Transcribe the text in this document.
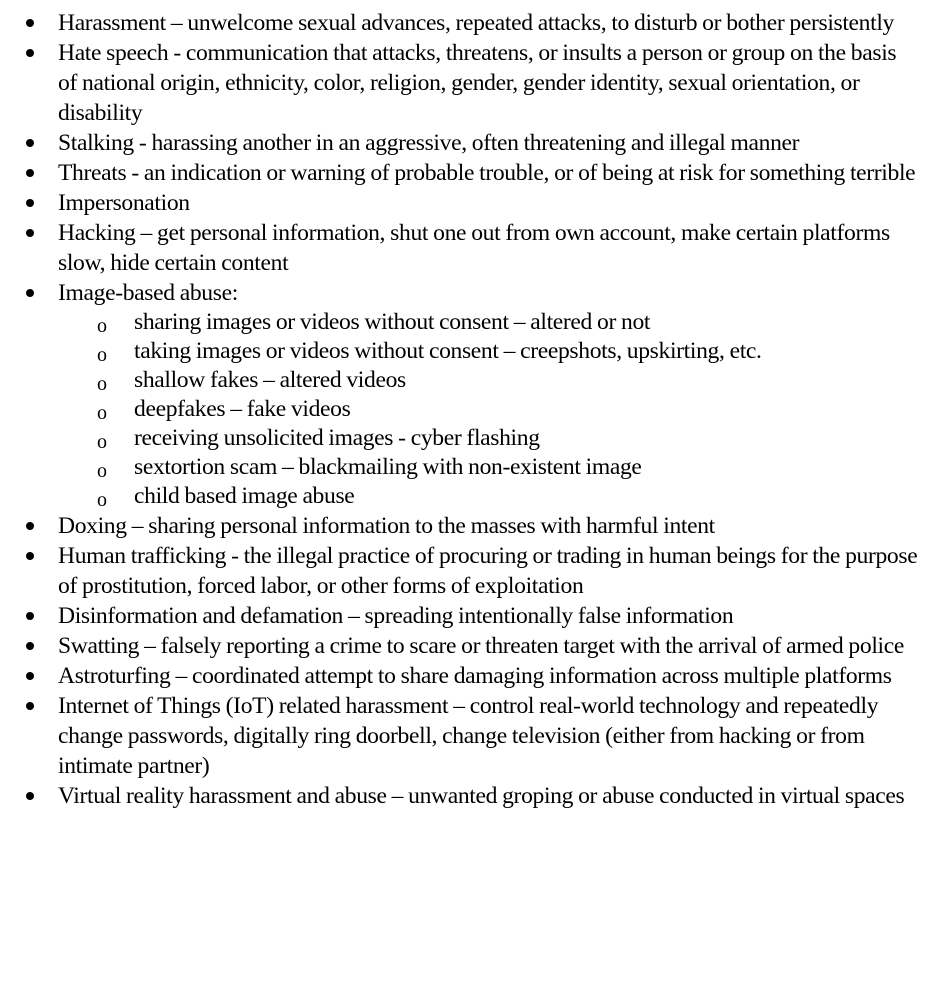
Harassment – unwelcome sexual advances, repeated attacks, to disturb or bother persistently
Hate speech - communication that attacks, threatens, or insults a person or group on the basis of national origin, ethnicity, color, religion, gender, gender identity, sexual orientation, or disability
Stalking - harassing another in an aggressive, often threatening and illegal manner
Threats - an indication or warning of probable trouble, or of being at risk for something terrible
Impersonation
Hacking – get personal information, shut one out from own account, make certain platforms slow, hide certain content
Image-based abuse:
o sharing images or videos without consent – altered or not
o taking images or videos without consent – creepshots, upskirting, etc.
o shallow fakes – altered videos
o deepfakes – fake videos
o receiving unsolicited images - cyber flashing
o sextortion scam – blackmailing with non-existent image
o child based image abuse
Doxing – sharing personal information to the masses with harmful intent
Human trafficking - the illegal practice of procuring or trading in human beings for the purpose of prostitution, forced labor, or other forms of exploitation
Disinformation and defamation – spreading intentionally false information
Swatting – falsely reporting a crime to scare or threaten target with the arrival of armed police
Astroturfing – coordinated attempt to share damaging information across multiple platforms
Internet of Things (IoT) related harassment – control real-world technology and repeatedly change passwords, digitally ring doorbell, change television (either from hacking or from intimate partner)
Virtual reality harassment and abuse – unwanted groping or abuse conducted in virtual spaces
